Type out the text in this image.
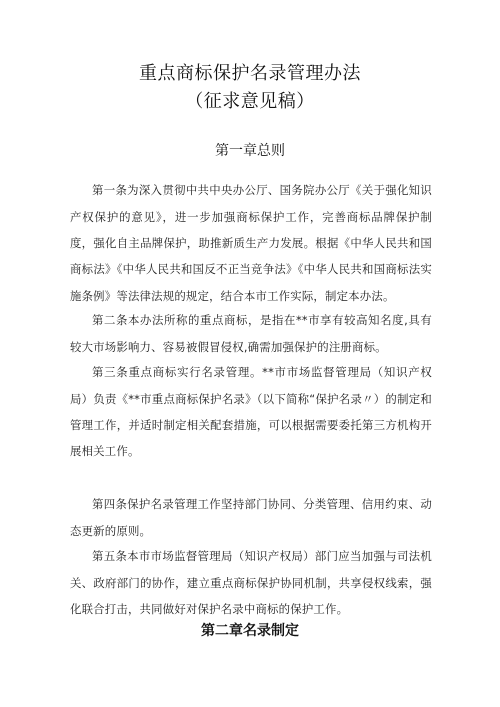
重点商标保护名录管理办法
（征求意见稿）
第一章总则

第一条为深入贯彻中共中央办公厅、国务院办公厅《关于强化知识产权保护的意见》，进一步加强商标保护工作，完善商标品牌保护制度，强化自主品牌保护，助推新质生产力发展。根据《中华人民共和国商标法》《中华人民共和国反不正当竞争法》《中华人民共和国商标法实施条例》等法律法规的规定，结合本市工作实际，制定本办法。

第二条本办法所称的重点商标，是指在**市享有较高知名度,具有较大市场影响力、容易被假冒侵权,确需加强保护的注册商标。

第三条重点商标实行名录管理。**市市场监督管理局（知识产权局）负责《**市重点商标保护名录》（以下简称“保护名录〃）的制定和管理工作，并适时制定相关配套措施，可以根据需要委托第三方机构开展相关工作。

第四条保护名录管理工作坚持部门协同、分类管理、信用约束、动态更新的原则。

第五条本市市场监督管理局（知识产权局）部门应当加强与司法机关、政府部门的协作，建立重点商标保护协同机制，共享侵权线索，强化联合打击，共同做好对保护名录中商标的保护工作。

第二章名录制定
